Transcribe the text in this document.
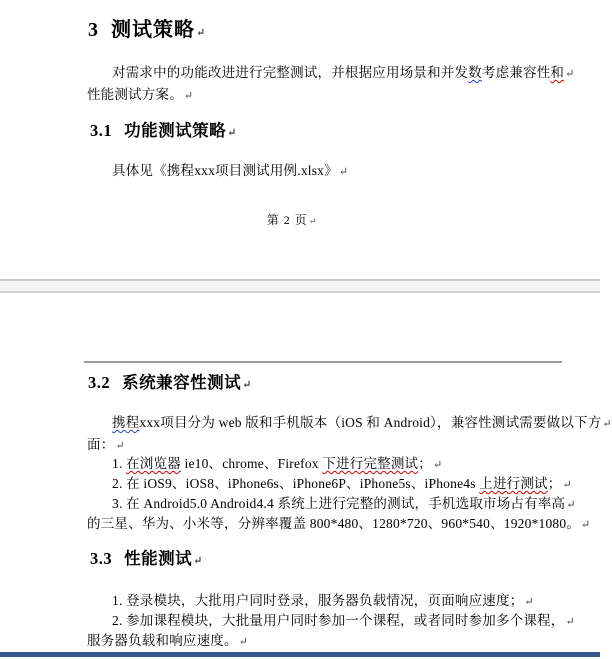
3 测试策略↵
对需求中的功能改进进行完整测试，并根据应用场景和并发数考虑兼容性和↵
性能测试方案。↵
3.1 功能测试策略↵
具体见《携程xxx项目测试用例.xlsx》↵
第 2 页↵
3.2 系统兼容性测试↵
携程xxx项目分为 web 版和手机版本（iOS 和 Android），兼容性测试需要做以下方↵
面：↵
1. 在浏览器 ie10、chrome、Firefox 下进行完整测试；↵
2. 在 iOS9、iOS8、iPhone6s、iPhone6P、iPhone5s、iPhone4s 上进行测试；↵
3. 在 Android5.0 Android4.4 系统上进行完整的测试，手机选取市场占有率高↵
的三星、华为、小米等，分辨率覆盖 800*480、1280*720、960*540、1920*1080。↵
3.3 性能测试↵
1. 登录模块，大批用户同时登录，服务器负载情况，页面响应速度；↵
2. 参加课程模块，大批量用户同时参加一个课程，或者同时参加多个课程，↵
服务器负载和响应速度。↵
